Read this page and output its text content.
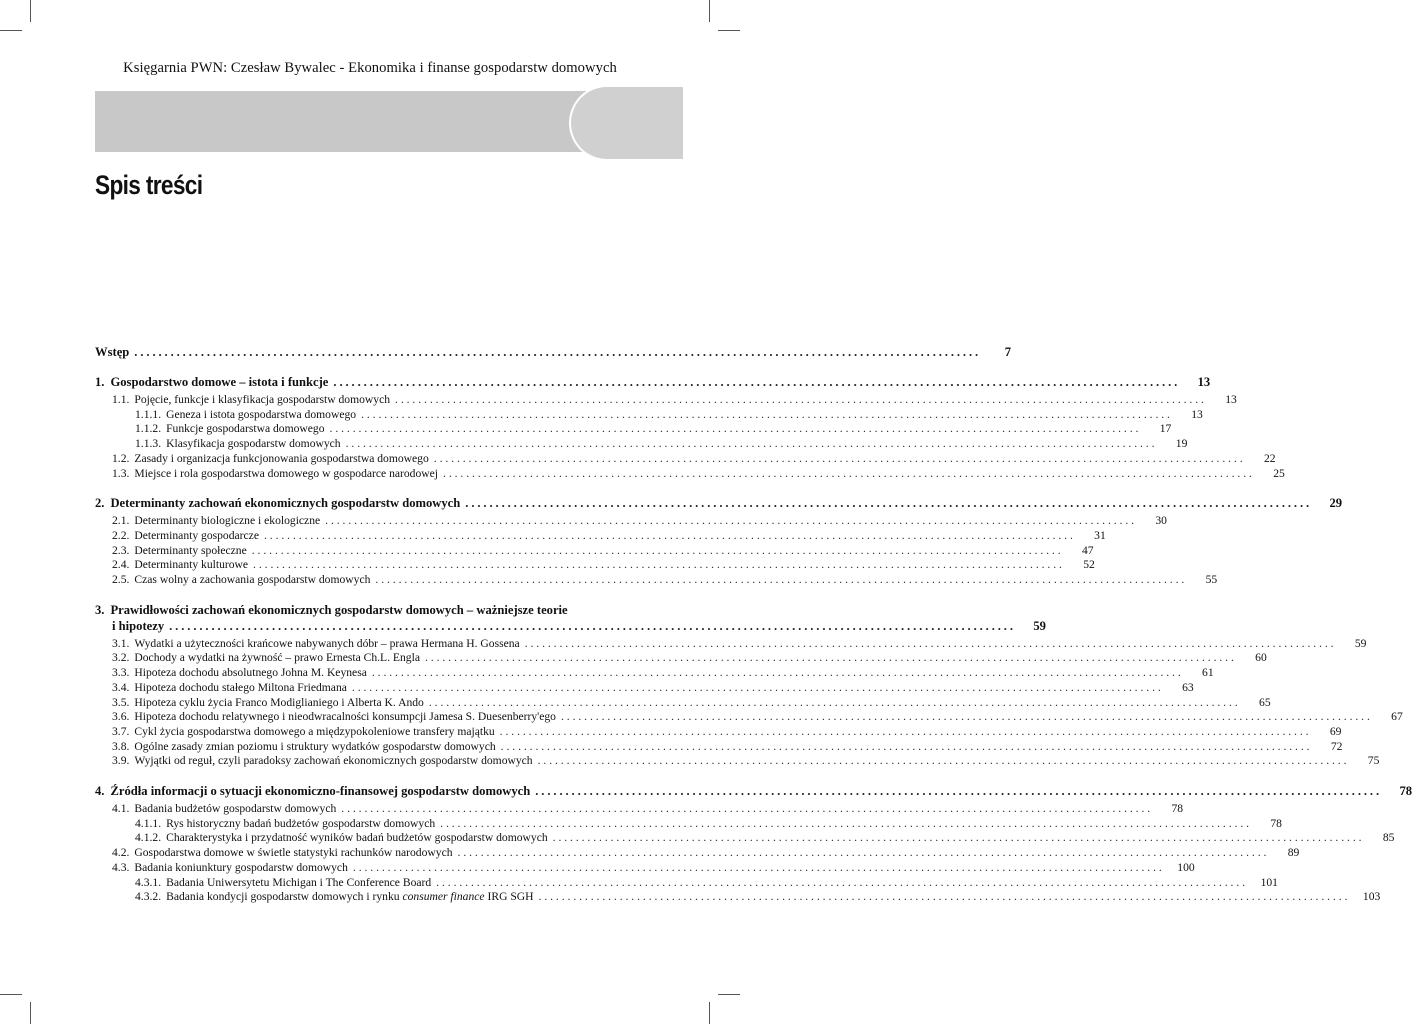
Księgarnia PWN: Czesław Bywalec - Ekonomika i finanse gospodarstw domowych
Spis treści
Wstęp ............................................................................................................................................	7
1. Gospodarstwo domowe – istota i funkcje ............................................................................................................................................	13
1.1. Pojęcie, funkcje i klasyfikacja gospodarstw domowych ............................................................................................................................................	13
1.1.1. Geneza i istota gospodarstwa domowego ............................................................................................................................................	13
1.1.2. Funkcje gospodarstwa domowego ............................................................................................................................................	17
1.1.3. Klasyfikacja gospodarstw domowych ............................................................................................................................................	19
1.2. Zasady i organizacja funkcjonowania gospodarstwa domowego ............................................................................................................................................	22
1.3. Miejsce i rola gospodarstwa domowego w gospodarce narodowej ............................................................................................................................................	25
2. Determinanty zachowań ekonomicznych gospodarstw domowych ............................................................................................................................................	29
2.1. Determinanty biologiczne i ekologiczne ............................................................................................................................................	30
2.2. Determinanty gospodarcze ............................................................................................................................................	31
2.3. Determinanty społeczne ............................................................................................................................................	47
2.4. Determinanty kulturowe ............................................................................................................................................	52
2.5. Czas wolny a zachowania gospodarstw domowych ............................................................................................................................................	55
3. Prawidłowości zachowań ekonomicznych gospodarstw domowych – ważniejsze teorie
i hipotezy ............................................................................................................................................	59
3.1. Wydatki a użyteczności krańcowe nabywanych dóbr – prawa Hermana H. Gossena ............................................................................................................................................	59
3.2. Dochody a wydatki na żywność – prawo Ernesta Ch.L. Engla ............................................................................................................................................	60
3.3. Hipoteza dochodu absolutnego Johna M. Keynesa ............................................................................................................................................	61
3.4. Hipoteza dochodu stałego Miltona Friedmana ............................................................................................................................................	63
3.5. Hipoteza cyklu życia Franco Modiglianiego i Alberta K. Ando ............................................................................................................................................	65
3.6. Hipoteza dochodu relatywnego i nieodwracalności konsumpcji Jamesa S. Duesenberry'ego ............................................................................................................................................	67
3.7. Cykl życia gospodarstwa domowego a międzypokoleniowe transfery majątku ............................................................................................................................................	69
3.8. Ogólne zasady zmian poziomu i struktury wydatków gospodarstw domowych ............................................................................................................................................	72
3.9. Wyjątki od reguł, czyli paradoksy zachowań ekonomicznych gospodarstw domowych ............................................................................................................................................	75
4. Źródła informacji o sytuacji ekonomiczno-finansowej gospodarstw domowych ............................................................................................................................................	78
4.1. Badania budżetów gospodarstw domowych ............................................................................................................................................	78
4.1.1. Rys historyczny badań budżetów gospodarstw domowych ............................................................................................................................................	78
4.1.2. Charakterystyka i przydatność wyników badań budżetów gospodarstw domowych ............................................................................................................................................	85
4.2. Gospodarstwa domowe w świetle statystyki rachunków narodowych ............................................................................................................................................	89
4.3. Badania koniunktury gospodarstw domowych ............................................................................................................................................	100
4.3.1. Badania Uniwersytetu Michigan i The Conference Board ............................................................................................................................................	101
4.3.2. Badania kondycji gospodarstw domowych i rynku consumer finance IRG SGH ............................................................................................................................................	103
